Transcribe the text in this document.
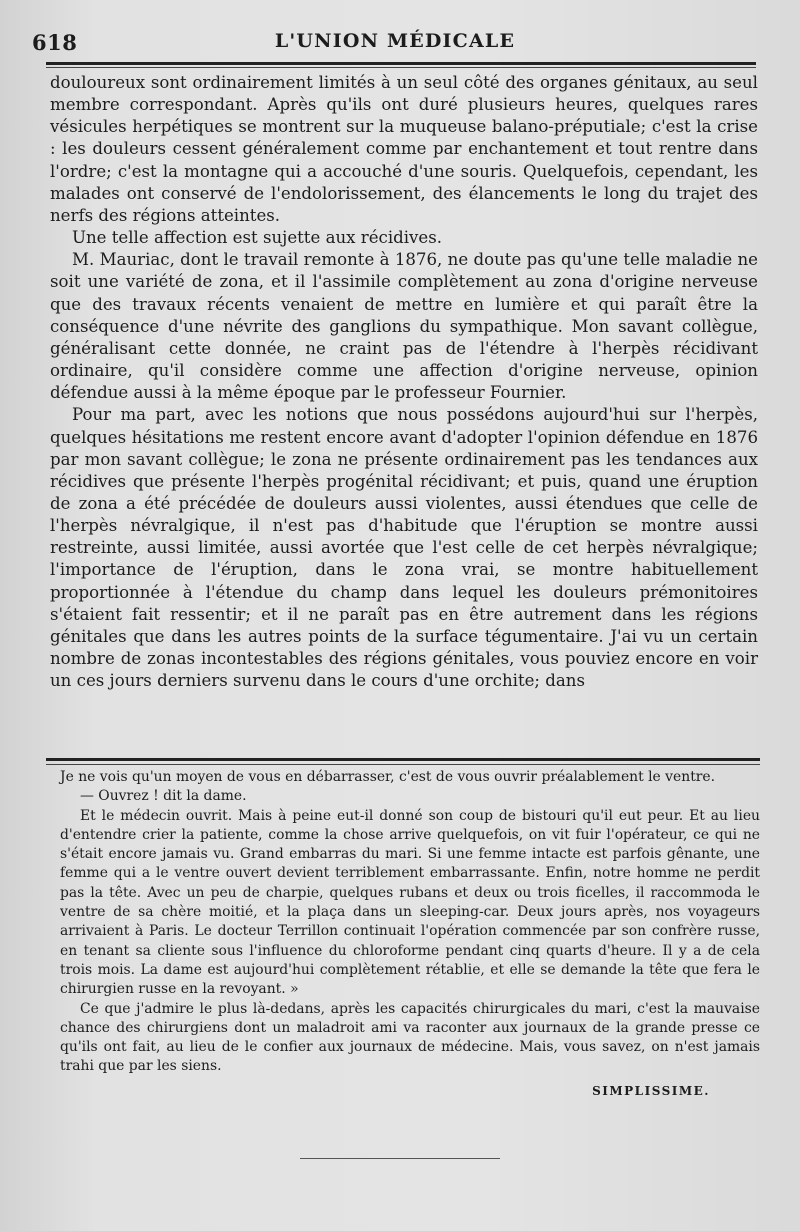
618	L'UNION MÉDICALE

douloureux sont ordinairement limités à un seul côté des organes génitaux, au seul membre correspondant. Après qu'ils ont duré plusieurs heures, quelques rares vésicules herpétiques se montrent sur la muqueuse balano-préputiale; c'est la crise : les douleurs cessent généralement comme par enchantement et tout rentre dans l'ordre; c'est la montagne qui a accouché d'une souris. Quelquefois, cependant, les malades ont conservé de l'endolorissement, des élancements le long du trajet des nerfs des régions atteintes.

Une telle affection est sujette aux récidives.

M. Mauriac, dont le travail remonte à 1876, ne doute pas qu'une telle maladie ne soit une variété de zona, et il l'assimile complètement au zona d'origine nerveuse que des travaux récents venaient de mettre en lumière et qui paraît être la conséquence d'une névrite des ganglions du sympathique. Mon savant collègue, généralisant cette donnée, ne craint pas de l'étendre à l'herpès récidivant ordinaire, qu'il considère comme une affection d'origine nerveuse, opinion défendue aussi à la même époque par le professeur Fournier.

Pour ma part, avec les notions que nous possédons aujourd'hui sur l'herpès, quelques hésitations me restent encore avant d'adopter l'opinion défendue en 1876 par mon savant collègue; le zona ne présente ordinairement pas les tendances aux récidives que présente l'herpès progénital récidivant; et puis, quand une éruption de zona a été précédée de douleurs aussi violentes, aussi étendues que celle de l'herpès névralgique, il n'est pas d'habitude que l'éruption se montre aussi restreinte, aussi limitée, aussi avortée que l'est celle de cet herpès névralgique; l'importance de l'éruption, dans le zona vrai, se montre habituellement proportionnée à l'étendue du champ dans lequel les douleurs prémonitoires s'étaient fait ressentir; et il ne paraît pas en être autrement dans les régions génitales que dans les autres points de la surface tégumentaire. J'ai vu un certain nombre de zonas incontestables des régions génitales, vous pouviez encore en voir un ces jours derniers survenu dans le cours d'une orchite; dans

Je ne vois qu'un moyen de vous en débarrasser, c'est de vous ouvrir préalablement le ventre.

— Ouvrez ! dit la dame.

Et le médecin ouvrit. Mais à peine eut-il donné son coup de bistouri qu'il eut peur. Et au lieu d'entendre crier la patiente, comme la chose arrive quelquefois, on vit fuir l'opérateur, ce qui ne s'était encore jamais vu. Grand embarras du mari. Si une femme intacte est parfois gênante, une femme qui a le ventre ouvert devient terriblement embarrassante. Enfin, notre homme ne perdit pas la tête. Avec un peu de charpie, quelques rubans et deux ou trois ficelles, il raccommoda le ventre de sa chère moitié, et la plaça dans un sleeping-car. Deux jours après, nos voyageurs arrivaient à Paris. Le docteur Terrillon continuait l'opération commencée par son confrère russe, en tenant sa cliente sous l'influence du chloroforme pendant cinq quarts d'heure. Il y a de cela trois mois. La dame est aujourd'hui complètement rétablie, et elle se demande la tête que fera le chirurgien russe en la revoyant. »

Ce que j'admire le plus là-dedans, après les capacités chirurgicales du mari, c'est la mauvaise chance des chirurgiens dont un maladroit ami va raconter aux journaux de la grande presse ce qu'ils ont fait, au lieu de le confier aux journaux de médecine. Mais, vous savez, on n'est jamais trahi que par les siens.

SIMPLISSIME.
